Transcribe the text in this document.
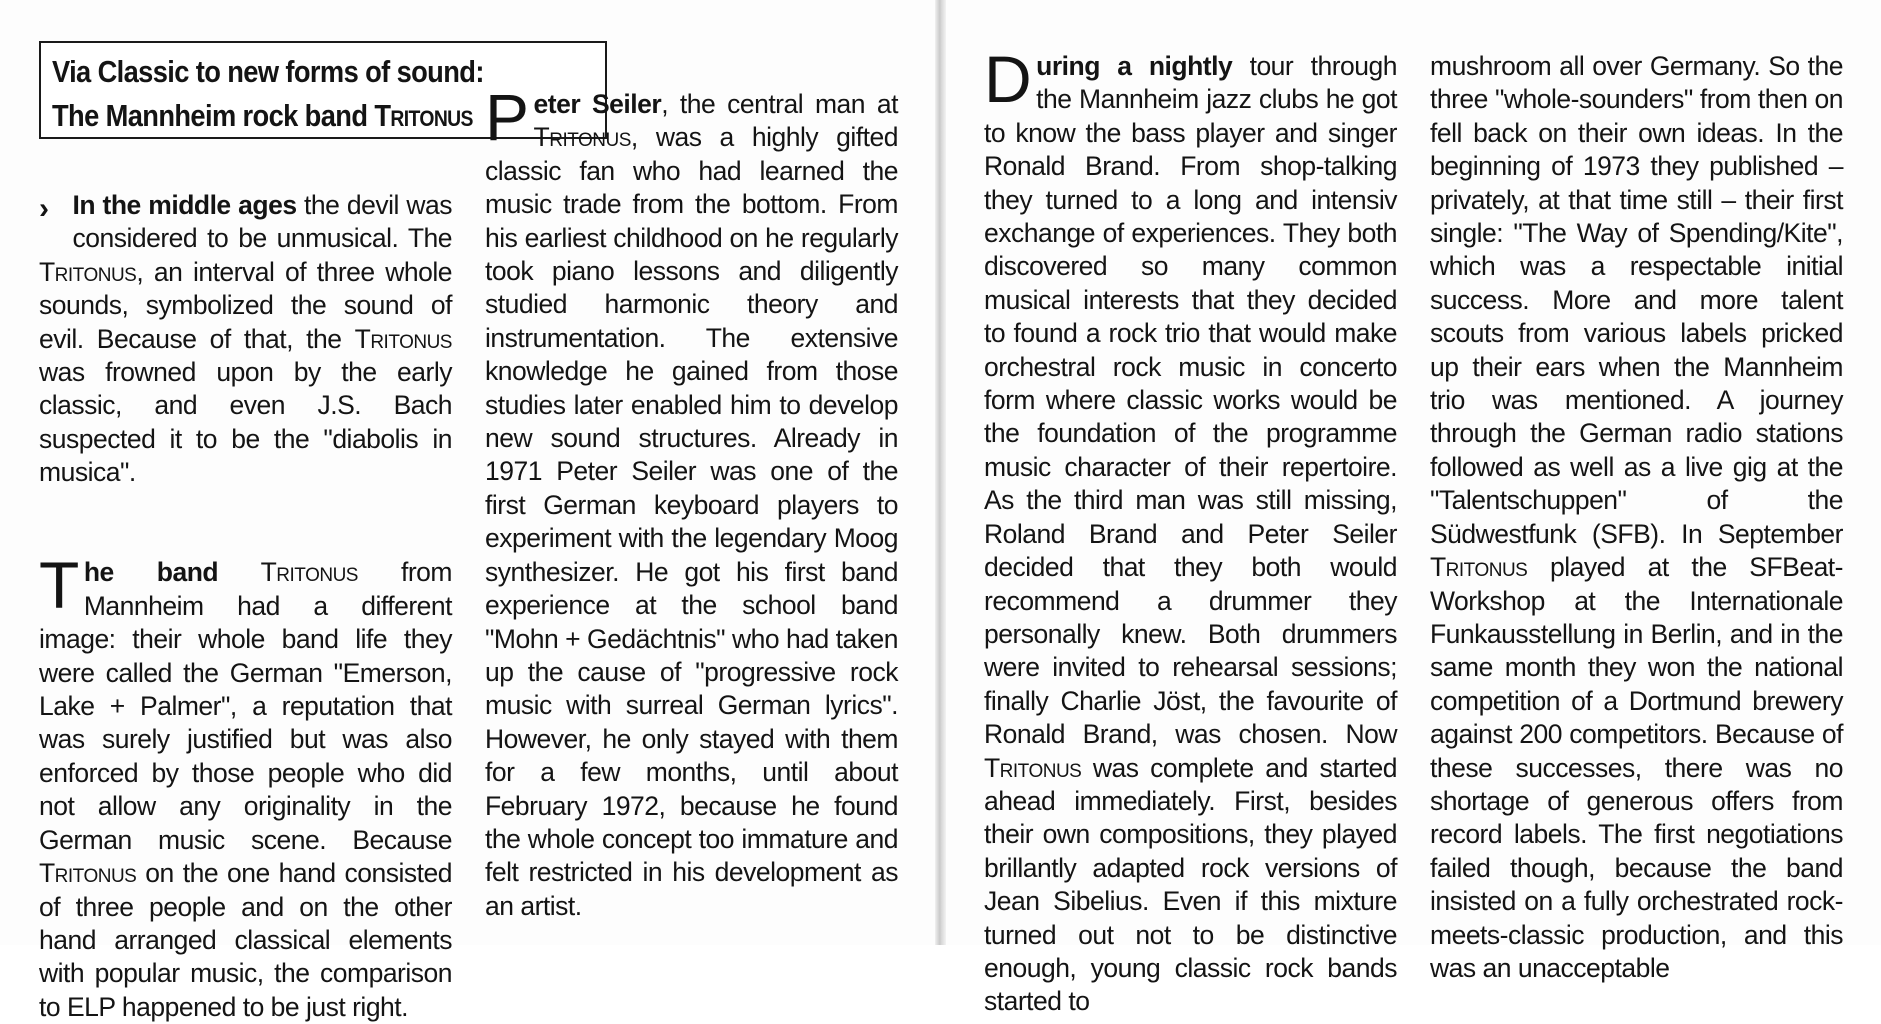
Via Classic to new forms of sound:
The Mannheim rock band Tritonus

› In the middle ages the devil was considered to be unmusical. The Tritonus, an interval of three whole sounds, symbolized the sound of evil. Because of that, the Tritonus was frowned upon by the early classic, and even J.S. Bach suspected it to be the "diabolis in musica".

The band Tritonus from Mannheim had a different image: their whole band life they were called the German "Emerson, Lake + Palmer", a reputation that was surely justified but was also enforced by those people who did not allow any originality in the German music scene. Because Tritonus on the one hand consisted of three people and on the other hand arranged classical elements with popular music, the comparison to ELP happened to be just right.

Peter Seiler, the central man at Tritonus, was a highly gifted classic fan who had learned the music trade from the bottom. From his earliest childhood on he regularly took piano lessons and diligently studied harmonic theory and instrumentation. The extensive knowledge he gained from those studies later enabled him to develop new sound structures. Already in 1971 Peter Seiler was one of the first German keyboard players to experiment with the legendary Moog synthesizer. He got his first band experience at the school band "Mohn + Gedächtnis" who had taken up the cause of "progressive rock music with surreal German lyrics". However, he only stayed with them for a few months, until about February 1972, because he found the whole concept too immature and felt restricted in his development as an artist.

During a nightly tour through the Mannheim jazz clubs he got to know the bass player and singer Ronald Brand. From shop-talking they turned to a long and intensiv exchange of experiences. They both discovered so many common musical interests that they decided to found a rock trio that would make orchestral rock music in concerto form where classic works would be the foundation of the programme music character of their repertoire. As the third man was still missing, Roland Brand and Peter Seiler decided that they both would recommend a drummer they personally knew. Both drummers were invited to rehearsal sessions; finally Charlie Jöst, the favourite of Ronald Brand, was chosen. Now Tritonus was complete and started ahead immediately. First, besides their own compositions, they played brillantly adapted rock versions of Jean Sibelius. Even if this mixture turned out not to be distinctive enough, young classic rock bands started to

mushroom all over Germany. So the three "whole-sounders" from then on fell back on their own ideas. In the beginning of 1973 they published – privately, at that time still – their first single: "The Way of Spending/Kite", which was a respectable initial success. More and more talent scouts from various labels pricked up their ears when the Mannheim trio was mentioned. A journey through the German radio stations followed as well as a live gig at the "Talentschuppen" of the Südwestfunk (SFB). In September Tritonus played at the SFBeat-Workshop at the Internationale Funkausstellung in Berlin, and in the same month they won the national competition of a Dortmund brewery against 200 competitors. Because of these successes, there was no shortage of generous offers from record labels. The first negotiations failed though, because the band insisted on a fully orchestrated rock-meets-classic production, and this was an unacceptable
